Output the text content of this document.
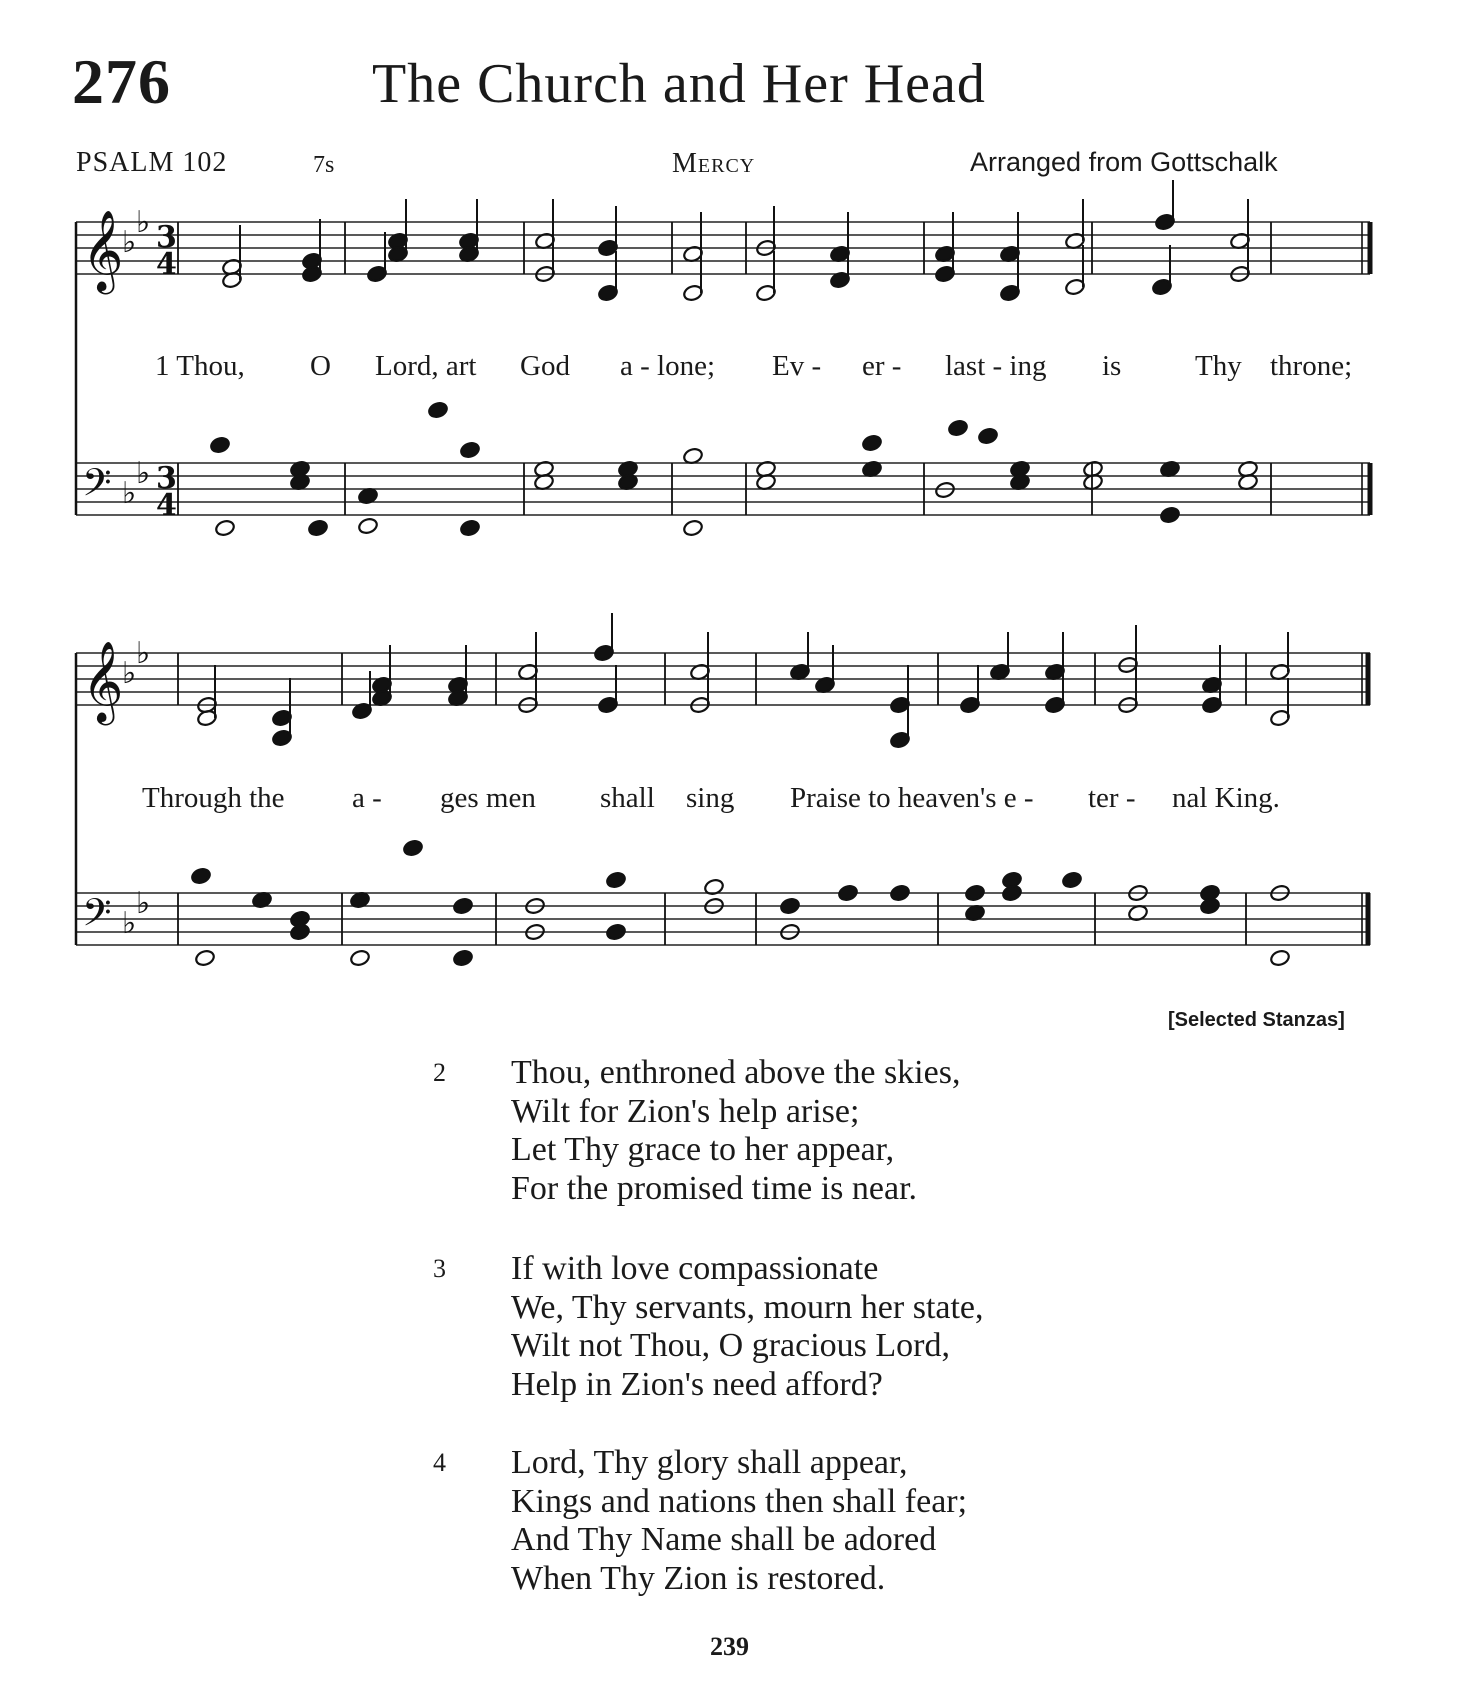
276	The Church and Her Head
PSALM 102	7s	Mercy	Arranged from Gottschalk
𝄞
♭
♭ 3
4
𝄢 ♭
♭ 3
4
𝄞
♭
♭
𝄢 ♭
♭
1 Thou, O Lord, art God a - lone; Ev - er - last - ing is	Thy throne;
Through the a - ges men shall sing Praise to heaven's e - ter - nal King.
[Selected Stanzas]
2	Thou, enthroned above the skies,
Wilt for Zion's help arise;
Let Thy grace to her appear,
For the promised time is near.
3	If with love compassionate
We, Thy servants, mourn her state,
Wilt not Thou, O gracious Lord,
Help in Zion's need afford?
4	Lord, Thy glory shall appear,
Kings and nations then shall fear;
And Thy Name shall be adored
When Thy Zion is restored.
239
